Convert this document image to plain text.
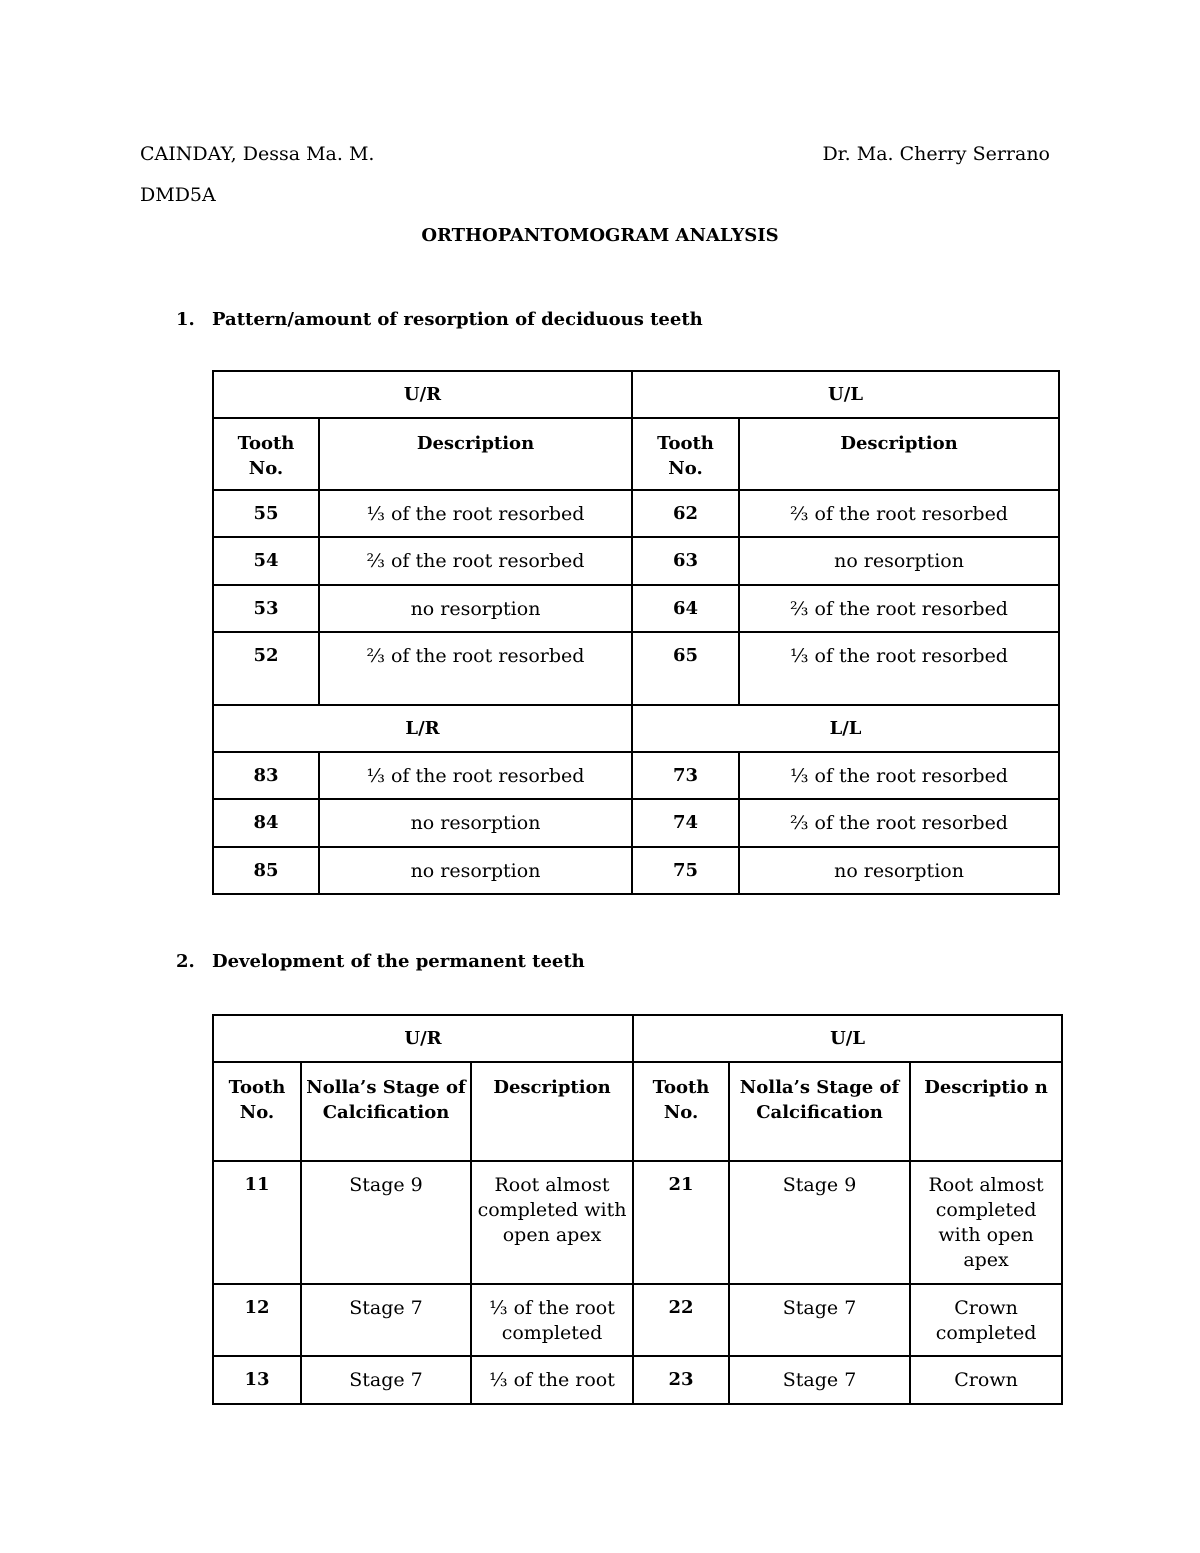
CAINDAY, Dessa Ma. M.	Dr. Ma. Cherry Serrano
DMD5A
ORTHOPANTOMOGRAM ANALYSIS
1. Pattern/amount of resorption of deciduous teeth
U/R		U/L	

Tooth No.	Description	Tooth No.	Description

55	⅓ of the root resorbed	62	⅔ of the root resorbed
54	⅔ of the root resorbed	63	no resorption
53	no resorption	64	⅔ of the root resorbed

52	⅔ of the root resorbed	65	⅓ of the root resorbed

L/R		L/L	
83	⅓ of the root resorbed	73	⅓ of the root resorbed
84	no resorption	74	⅔ of the root resorbed
85	no resorption	75	no resorption
2. Development of the permanent teeth
U/R			U/L		

Tooth No.	Nolla’s Stage of Calcification	Description	Tooth No.	Nolla’s Stage of Calcification	Descriptio n

11	Stage 9	Root almost completed with open apex	21	Stage 9	Root almost completed with open apex

12	Stage 7	⅓ of the root completed	22	Stage 7	Crown completed

13	Stage 7	⅓ of the root	23	Stage 7	Crown
